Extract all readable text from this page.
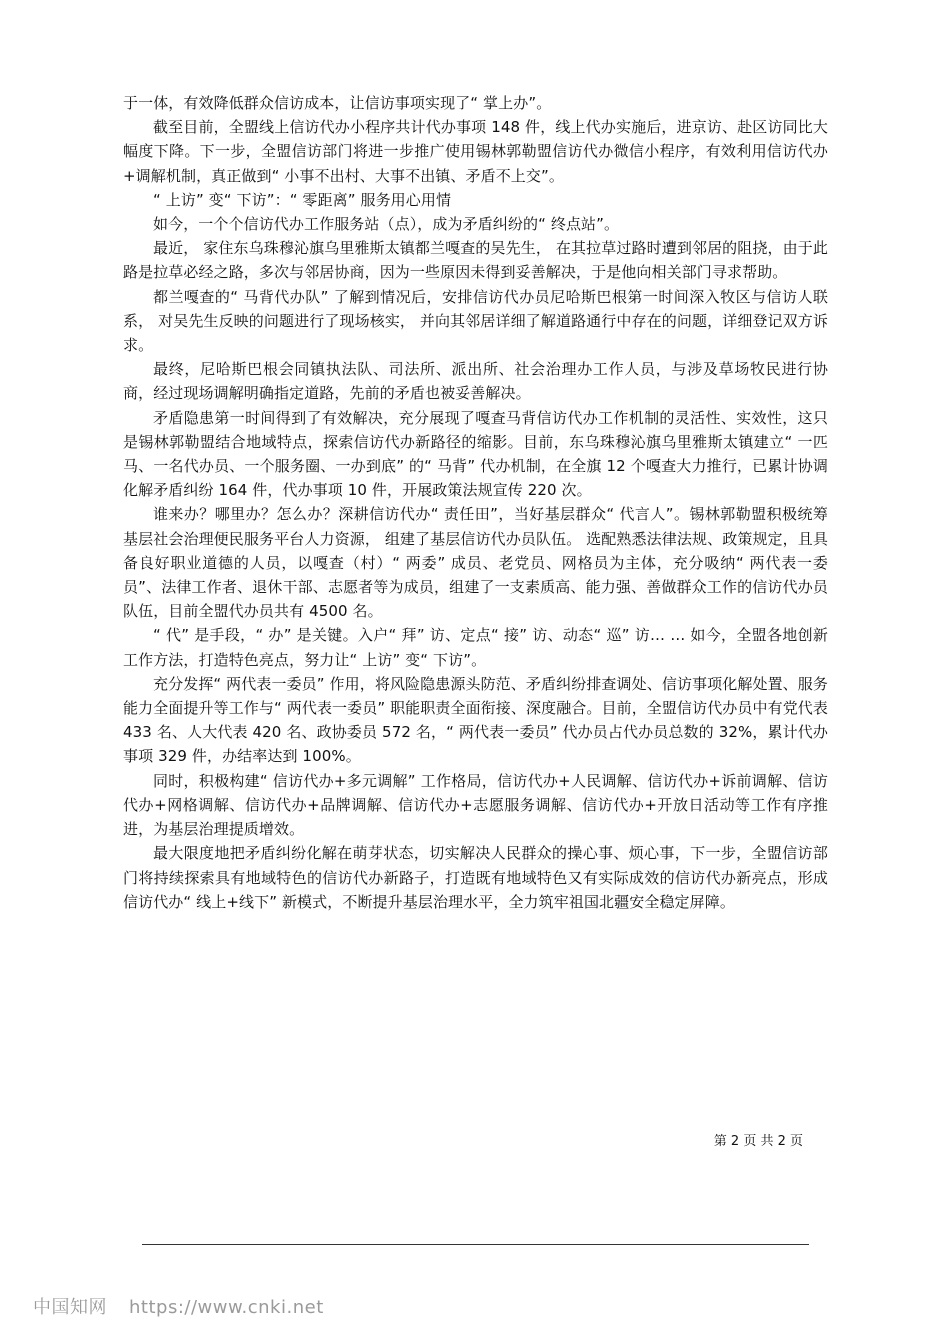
于一体，有效降低群众信访成本，让信访事项实现了“ 掌上办”。

截至目前，全盟线上信访代办小程序共计代办事项 148 件，线上代办实施后，进京访、赴区访同比大幅度下降。下一步，全盟信访部门将进一步推广使用锡林郭勒盟信访代办微信小程序，有效利用信访代办+调解机制，真正做到“ 小事不出村、大事不出镇、矛盾不上交”。

“ 上访” 变“ 下访”：“ 零距离” 服务用心用情

如今，一个个信访代办工作服务站（点），成为矛盾纠纷的“ 终点站”。

最近， 家住东乌珠穆沁旗乌里雅斯太镇都兰嘎查的吴先生， 在其拉草过路时遭到邻居的阻挠，由于此路是拉草必经之路，多次与邻居协商，因为一些原因未得到妥善解决，于是他向相关部门寻求帮助。

都兰嘎查的“ 马背代办队” 了解到情况后，安排信访代办员尼哈斯巴根第一时间深入牧区与信访人联系， 对吴先生反映的问题进行了现场核实， 并向其邻居详细了解道路通行中存在的问题，详细登记双方诉求。

最终，尼哈斯巴根会同镇执法队、司法所、派出所、社会治理办工作人员，与涉及草场牧民进行协商，经过现场调解明确指定道路，先前的矛盾也被妥善解决。

矛盾隐患第一时间得到了有效解决，充分展现了嘎查马背信访代办工作机制的灵活性、实效性，这只是锡林郭勒盟结合地域特点，探索信访代办新路径的缩影。目前，东乌珠穆沁旗乌里雅斯太镇建立“ 一匹马、一名代办员、一个服务圈、一办到底” 的“ 马背” 代办机制，在全旗 12 个嘎查大力推行，已累计协调化解矛盾纠纷 164 件，代办事项 10 件，开展政策法规宣传 220 次。

谁来办？哪里办？怎么办？深耕信访代办“ 责任田”，当好基层群众“ 代言人”。锡林郭勒盟积极统筹基层社会治理便民服务平台人力资源， 组建了基层信访代办员队伍。 选配熟悉法律法规、政策规定，且具备良好职业道德的人员，以嘎查（村）“ 两委” 成员、老党员、网格员为主体，充分吸纳“ 两代表一委员”、法律工作者、退休干部、志愿者等为成员，组建了一支素质高、能力强、善做群众工作的信访代办员队伍，目前全盟代办员共有 4500 名。

“ 代” 是手段，“ 办” 是关键。入户“ 拜” 访、定点“ 接” 访、动态“ 巡” 访… … 如今，全盟各地创新工作方法，打造特色亮点，努力让“ 上访” 变“ 下访”。

充分发挥“ 两代表一委员” 作用，将风险隐患源头防范、矛盾纠纷排查调处、信访事项化解处置、服务能力全面提升等工作与“ 两代表一委员” 职能职责全面衔接、深度融合。目前，全盟信访代办员中有党代表 433 名、人大代表 420 名、政协委员 572 名，“ 两代表一委员” 代办员占代办员总数的 32%，累计代办事项 329 件，办结率达到 100%。

同时，积极构建“ 信访代办+多元调解” 工作格局，信访代办+人民调解、信访代办+诉前调解、信访代办+网格调解、信访代办+品牌调解、信访代办+志愿服务调解、信访代办+开放日活动等工作有序推进，为基层治理提质增效。

最大限度地把矛盾纠纷化解在萌芽状态，切实解决人民群众的操心事、烦心事，下一步，全盟信访部门将持续探索具有地域特色的信访代办新路子，打造既有地域特色又有实际成效的信访代办新亮点，形成信访代办“ 线上+线下” 新模式，不断提升基层治理水平，全力筑牢祖国北疆安全稳定屏障。

第 2 页 共 2 页
中国知网 https://www.cnki.net
